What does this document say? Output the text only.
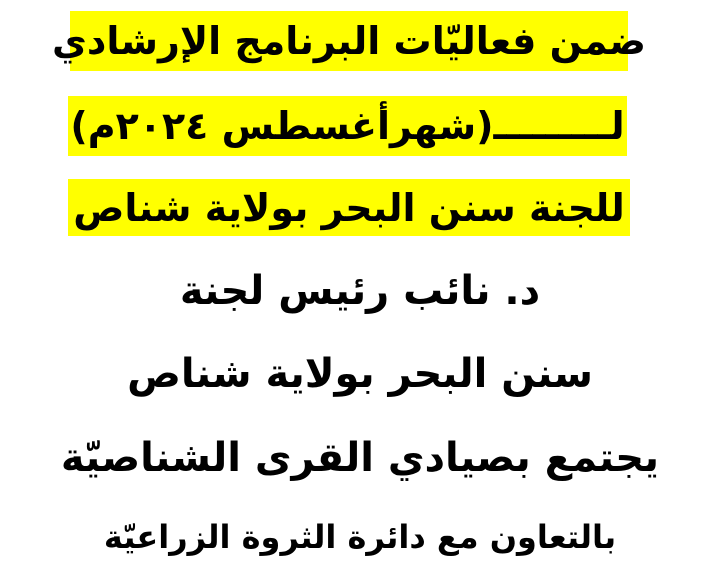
ضمن فعاليّات البرنامج الإرشادي
لـــــــــ(شهرأغسطس ٢٠٢٤م)
للجنة سنن البحر بولاية شناص
د. نائب رئيس لجنة
سنن البحر بولاية شناص
يجتمع بصيادي القرى الشناصيّة
بالتعاون مع دائرة الثروة الزراعيّة
